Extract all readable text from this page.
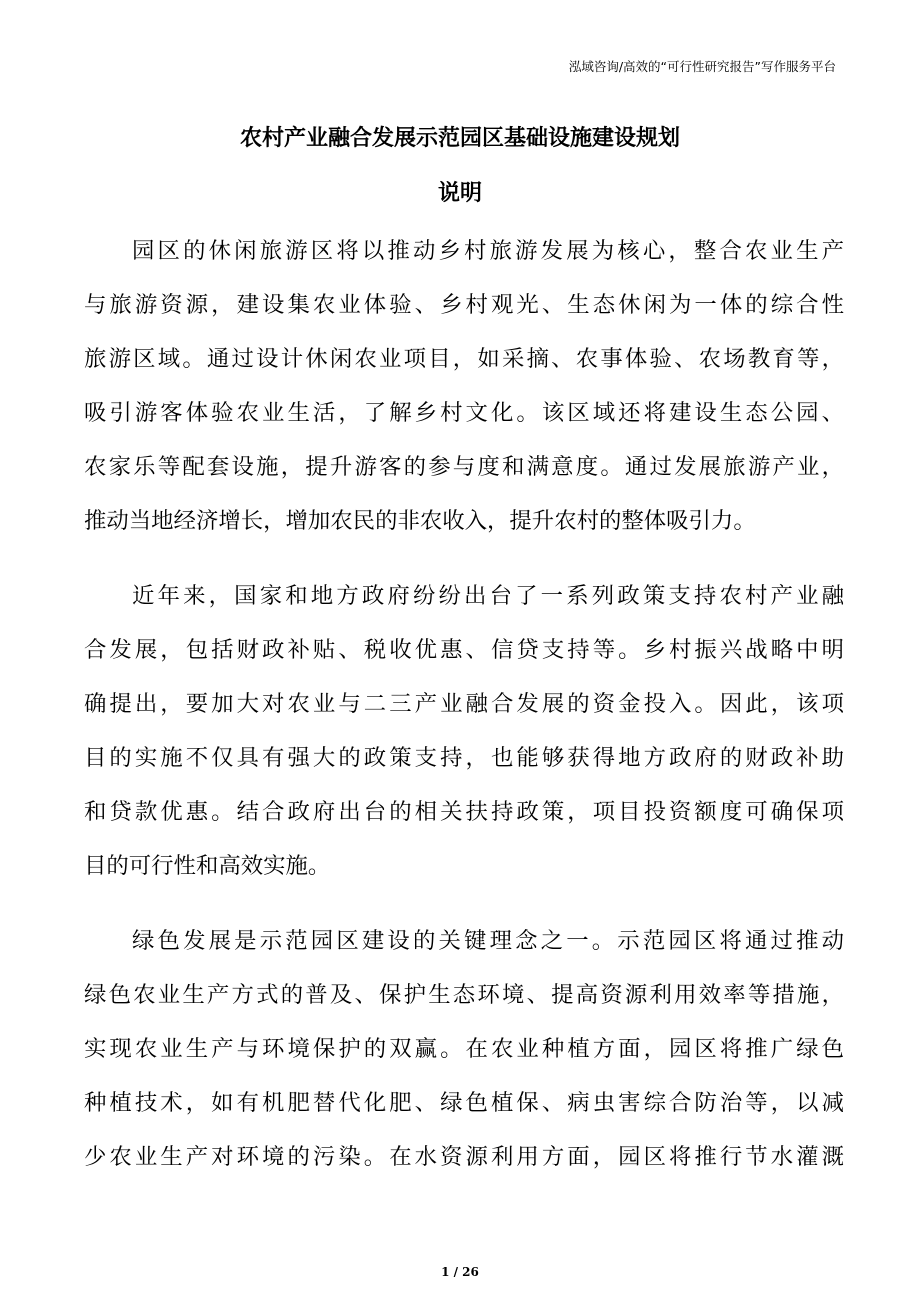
泓域咨询/高效的“可行性研究报告”写作服务平台
农村产业融合发展示范园区基础设施建设规划
说明
园区的休闲旅游区将以推动乡村旅游发展为核心，整合农业生产
与旅游资源，建设集农业体验、乡村观光、生态休闲为一体的综合性
旅游区域。通过设计休闲农业项目，如采摘、农事体验、农场教育等，
吸引游客体验农业生活，了解乡村文化。该区域还将建设生态公园、
农家乐等配套设施，提升游客的参与度和满意度。通过发展旅游产业，
推动当地经济增长，增加农民的非农收入，提升农村的整体吸引力。
近年来，国家和地方政府纷纷出台了一系列政策支持农村产业融
合发展，包括财政补贴、税收优惠、信贷支持等。乡村振兴战略中明
确提出，要加大对农业与二三产业融合发展的资金投入。因此，该项
目的实施不仅具有强大的政策支持，也能够获得地方政府的财政补助
和贷款优惠。结合政府出台的相关扶持政策，项目投资额度可确保项
目的可行性和高效实施。
绿色发展是示范园区建设的关键理念之一。示范园区将通过推动
绿色农业生产方式的普及、保护生态环境、提高资源利用效率等措施，
实现农业生产与环境保护的双赢。在农业种植方面，园区将推广绿色
种植技术，如有机肥替代化肥、绿色植保、病虫害综合防治等，以减
少农业生产对环境的污染。在水资源利用方面，园区将推行节水灌溉
1 / 26
